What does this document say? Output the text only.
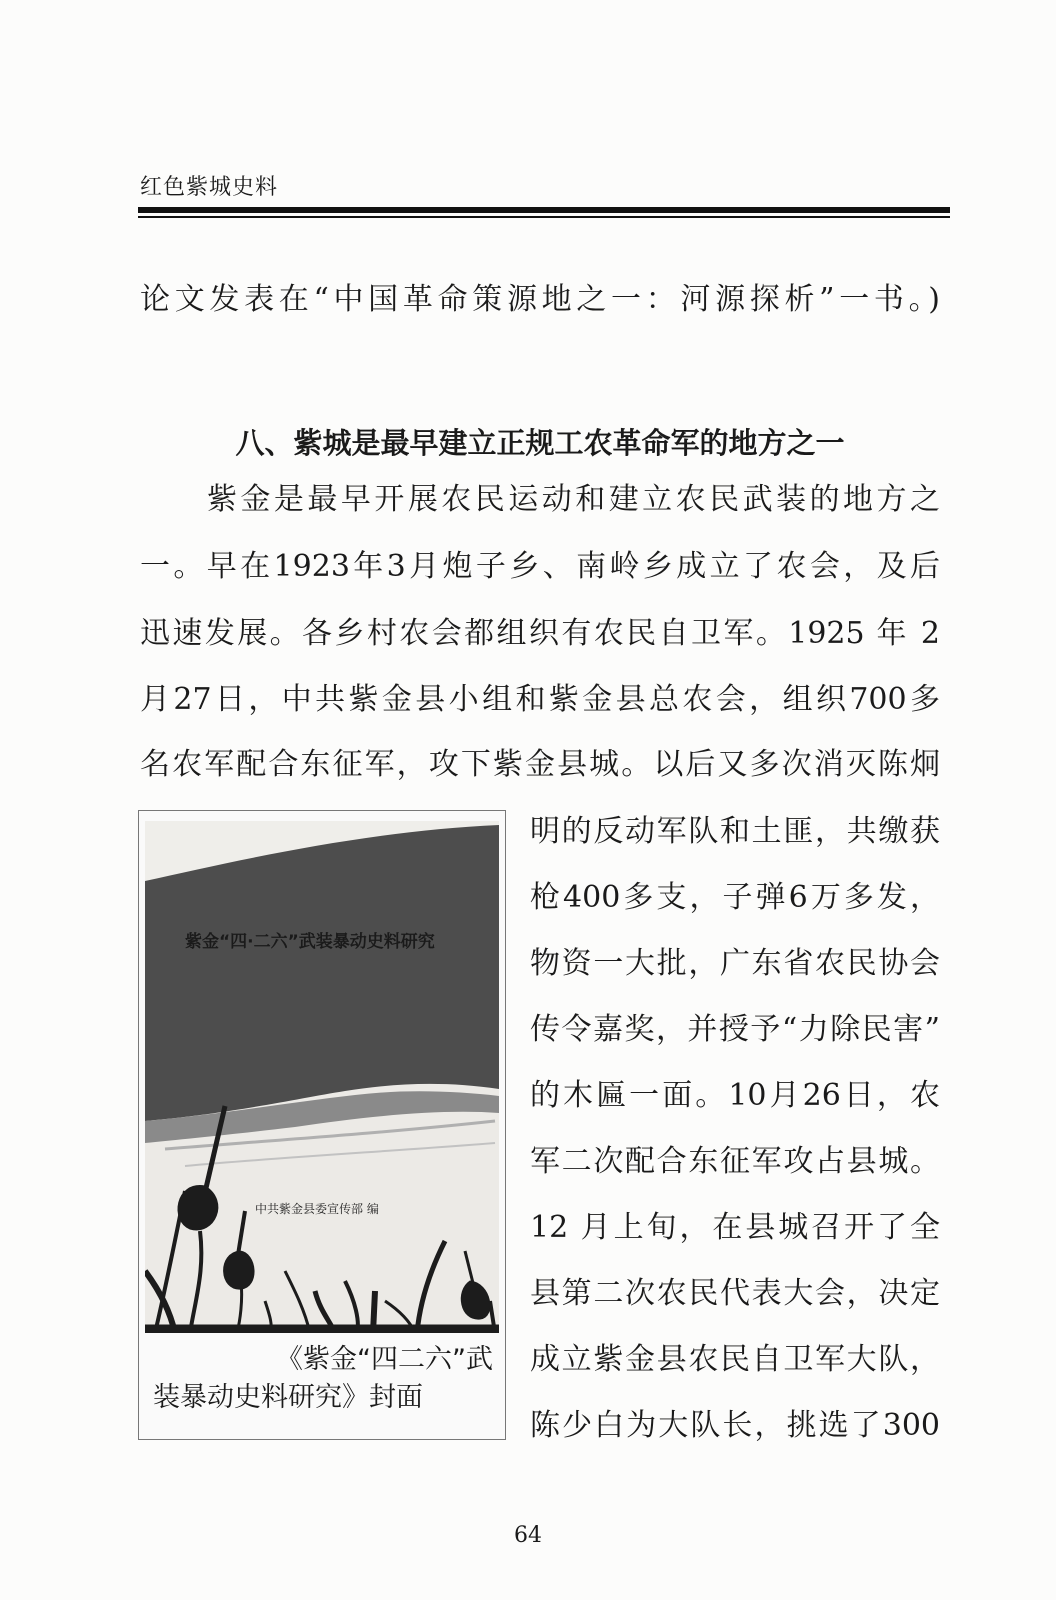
红色紫城史料
论文发表在“中国革命策源地之一：河源探析”一书。)
八、紫城是最早建立正规工农革命军的地方之一
　　紫金是最早开展农民运动和建立农民武装的地方之
一。早在1923年3月炮子乡、南岭乡成立了农会，及后
迅速发展。各乡村农会都组织有农民自卫军。1925 年 2
月27日，中共紫金县小组和紫金县总农会，组织700多
名农军配合东征军，攻下紫金县城。以后又多次消灭陈炯
明的反动军队和土匪，共缴获
枪400多支，子弹6万多发，
物资一大批，广东省农民协会
传令嘉奖，并授予“力除民害”
的木匾一面。10月26日，农
军二次配合东征军攻占县城。
12 月上旬，在县城召开了全
县第二次农民代表大会，决定
成立紫金县农民自卫军大队，
陈少白为大队长，挑选了300
紫金“四·二六”武装暴动史料研究
中共紫金县委宣传部 编
《紫金“四二六”武
装暴动史料研究》封面
64
